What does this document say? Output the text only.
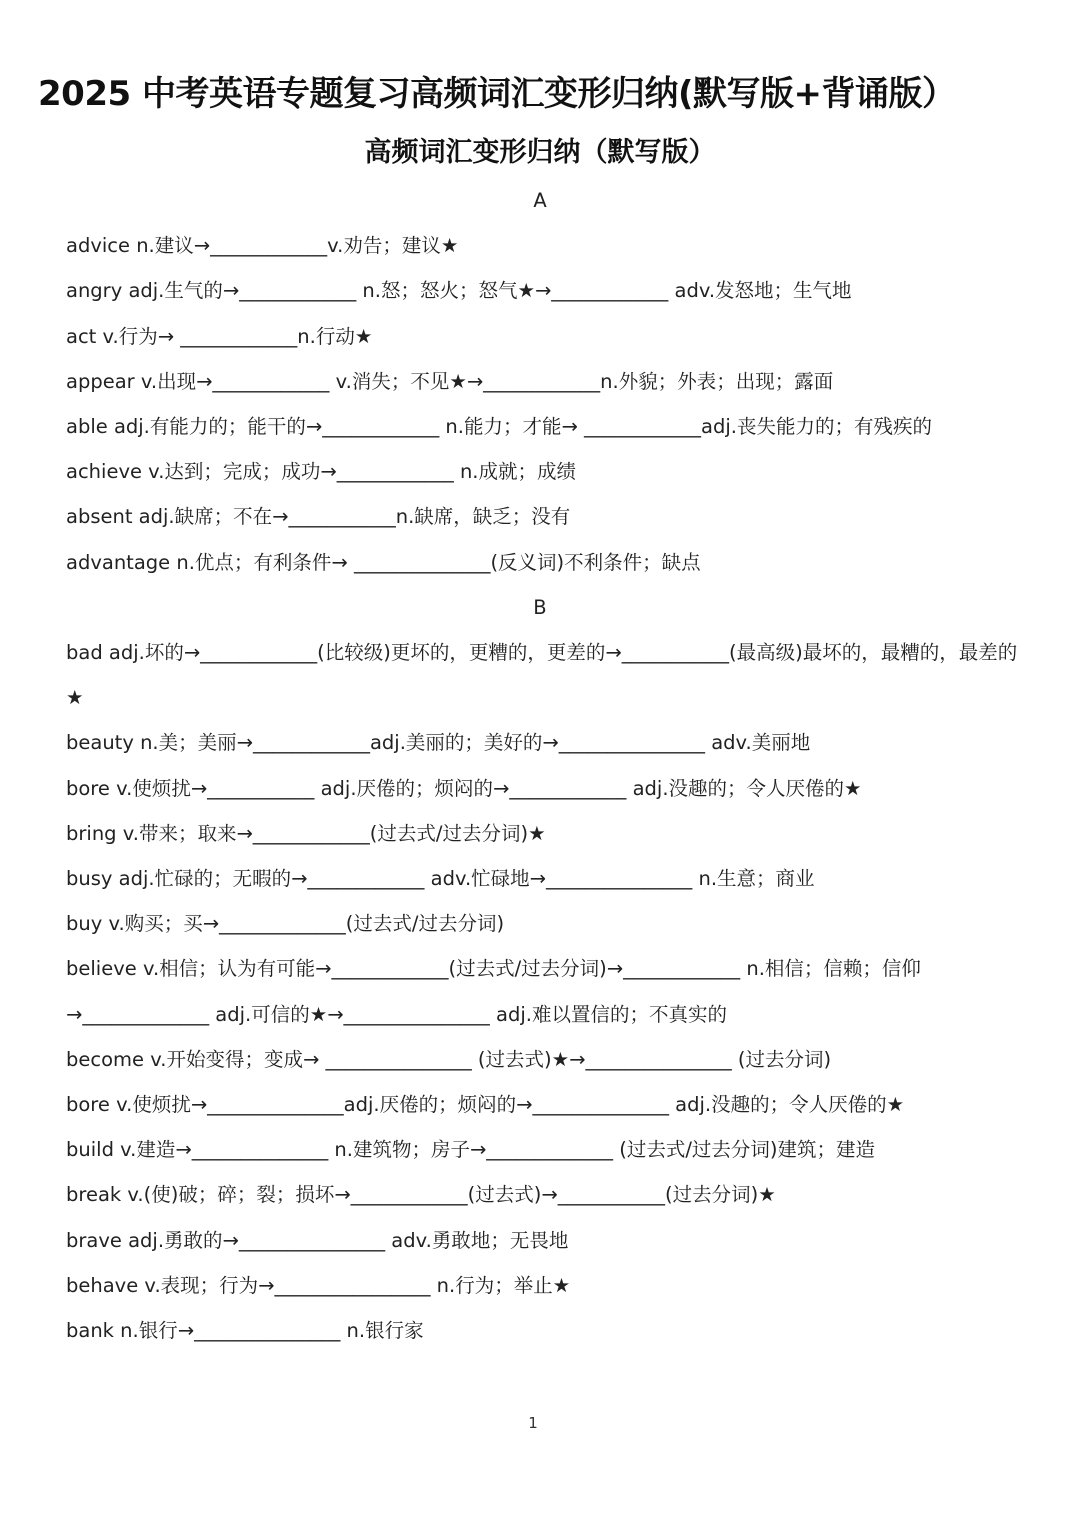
2025 中考英语专题复习高频词汇变形归纳(默写版+背诵版）
高频词汇变形归纳（默写版）
A
advice n.建议→____________v.劝告；建议★
angry adj.生气的→____________ n.怒；怒火；怒气★→____________ adv.发怒地；生气地
act v.行为→ ____________n.行动★
appear v.出现→____________ v.消失；不见★→____________n.外貌；外表；出现；露面
able adj.有能力的；能干的→____________ n.能力；才能→ ____________adj.丧失能力的；有残疾的
achieve v.达到；完成；成功→____________ n.成就；成绩
absent adj.缺席；不在→___________n.缺席，缺乏；没有
advantage n.优点；有利条件→ ______________(反义词)不利条件；缺点
B
bad adj.坏的→____________(比较级)更坏的，更糟的，更差的→___________(最高级)最坏的，最糟的，最差的★
beauty n.美；美丽→____________adj.美丽的；美好的→_______________ adv.美丽地
bore v.使烦扰→___________ adj.厌倦的；烦闷的→____________ adj.没趣的；令人厌倦的★
bring v.带来；取来→____________(过去式/过去分词)★
busy adj.忙碌的；无暇的→____________ adv.忙碌地→_______________ n.生意；商业
buy v.购买；买→_____________(过去式/过去分词)
believe v.相信；认为有可能→____________(过去式/过去分词)→____________ n.相信；信赖；信仰→_____________ adj.可信的★→_______________ adj.难以置信的；不真实的
become v.开始变得；变成→ _______________ (过去式)★→_______________ (过去分词)
bore v.使烦扰→______________adj.厌倦的；烦闷的→______________ adj.没趣的；令人厌倦的★
build v.建造→______________ n.建筑物；房子→_____________ (过去式/过去分词)建筑；建造
break v.(使)破；碎；裂；损坏→____________(过去式)→___________(过去分词)★
brave adj.勇敢的→_______________ adv.勇敢地；无畏地
behave v.表现；行为→________________ n.行为；举止★
bank n.银行→_______________ n.银行家
1
